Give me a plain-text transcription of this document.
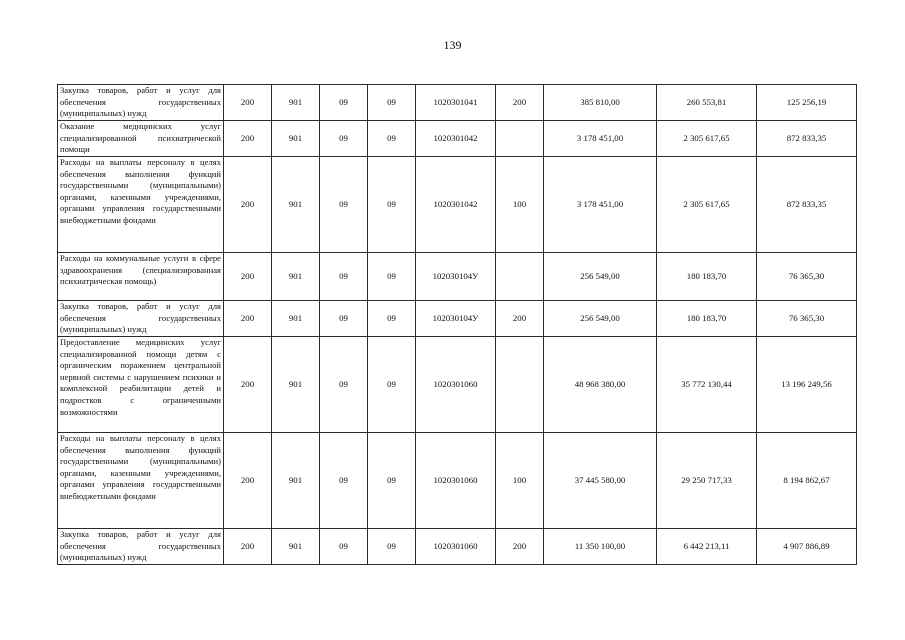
139
Закупка товаров, работ и услуг для обеспечения государственных (муниципальных) нужд	200	901	09	09	1020301041	200	385 810,00	260 553,81	125 256,19
Оказание медицинских услуг специализированной психиатрической помощи	200	901	09	09	1020301042		3 178 451,00	2 305 617,65	872 833,35
Расходы на выплаты персоналу в целях обеспечения выполнения функций государственными (муниципальными) органами, казенными учреждениями, органами управления государственными внебюджетными фондами	200	901	09	09	1020301042	100	3 178 451,00	2 305 617,65	872 833,35
Расходы на коммунальные услуги в сфере здравоохранения (специализированная психиатрическая помощь)	200	901	09	09	102030104У		256 549,00	180 183,70	76 365,30
Закупка товаров, работ и услуг для обеспечения государственных (муниципальных) нужд	200	901	09	09	102030104У	200	256 549,00	180 183,70	76 365,30
Предоставление медицинских услуг специализированной помощи детям с органическим поражением центральной нервной системы с нарушением психики и комплексной реабилитации детей и подростков с ограниченными возможностями	200	901	09	09	1020301060		48 968 380,00	35 772 130,44	13 196 249,56
Расходы на выплаты персоналу в целях обеспечения выполнения функций государственными (муниципальными) органами, казенными учреждениями, органами управления государственными внебюджетными фондами	200	901	09	09	1020301060	100	37 445 580,00	29 250 717,33	8 194 862,67
Закупка товаров, работ и услуг для обеспечения государственных (муниципальных) нужд	200	901	09	09	1020301060	200	11 350 100,00	6 442 213,11	4 907 886,89
